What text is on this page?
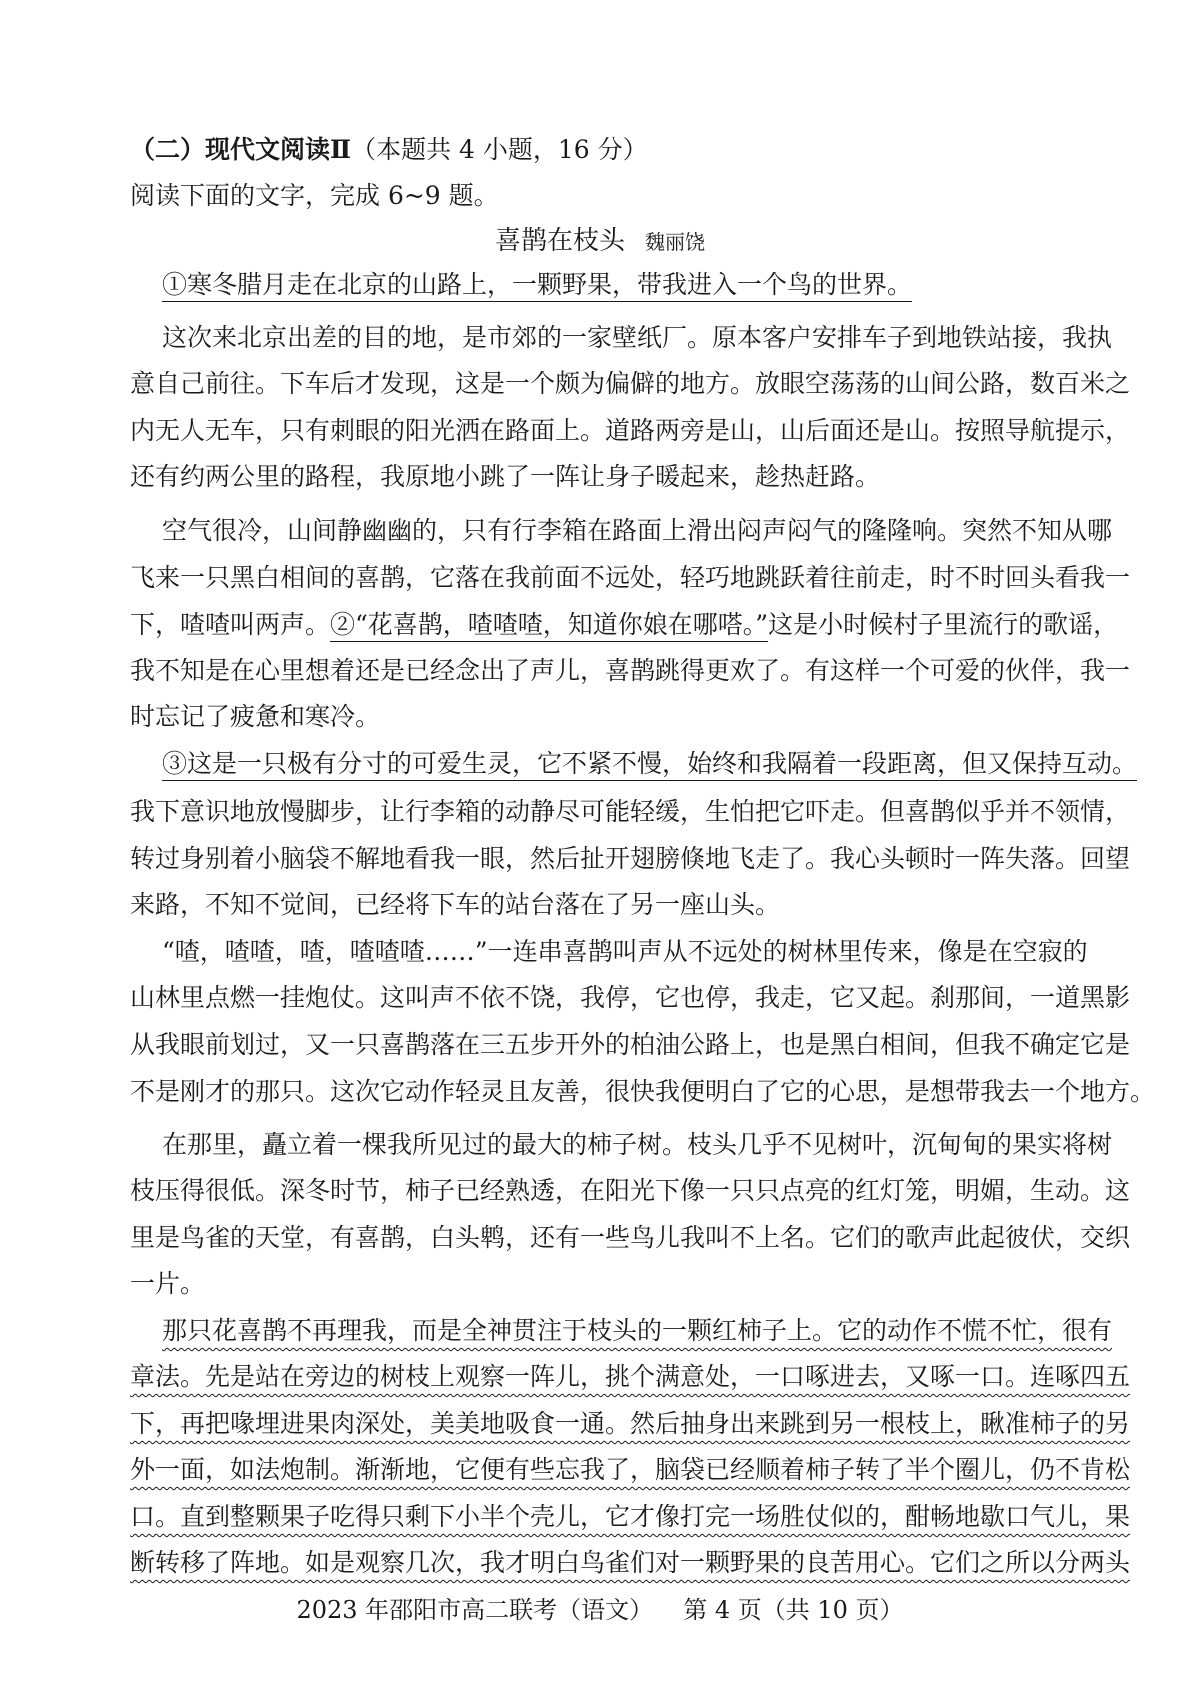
（二）现代文阅读Ⅱ（本题共 4 小题，16 分）
阅读下面的文字，完成 6~9 题。
喜鹊在枝头 魏丽饶
①寒冬腊月走在北京的山路上，一颗野果，带我进入一个鸟的世界。
这次来北京出差的目的地，是市郊的一家壁纸厂。原本客户安排车子到地铁站接，我执
意自己前往。下车后才发现，这是一个颇为偏僻的地方。放眼空荡荡的山间公路，数百米之
内无人无车，只有刺眼的阳光洒在路面上。道路两旁是山，山后面还是山。按照导航提示，
还有约两公里的路程，我原地小跳了一阵让身子暖起来，趁热赶路。
空气很冷，山间静幽幽的，只有行李箱在路面上滑出闷声闷气的隆隆响。突然不知从哪
飞来一只黑白相间的喜鹊，它落在我前面不远处，轻巧地跳跃着往前走，时不时回头看我一
下，喳喳叫两声。②“花喜鹊，喳喳喳，知道你娘在哪嗒。”这是小时候村子里流行的歌谣，
我不知是在心里想着还是已经念出了声儿，喜鹊跳得更欢了。有这样一个可爱的伙伴，我一
时忘记了疲惫和寒冷。
③这是一只极有分寸的可爱生灵，它不紧不慢，始终和我隔着一段距离，但又保持互动。
我下意识地放慢脚步，让行李箱的动静尽可能轻缓，生怕把它吓走。但喜鹊似乎并不领情，
转过身别着小脑袋不解地看我一眼，然后扯开翅膀倏地飞走了。我心头顿时一阵失落。回望
来路，不知不觉间，已经将下车的站台落在了另一座山头。
“喳，喳喳，喳，喳喳喳……”一连串喜鹊叫声从不远处的树林里传来，像是在空寂的
山林里点燃一挂炮仗。这叫声不依不饶，我停，它也停，我走，它又起。刹那间，一道黑影
从我眼前划过，又一只喜鹊落在三五步开外的柏油公路上，也是黑白相间，但我不确定它是
不是刚才的那只。这次它动作轻灵且友善，很快我便明白了它的心思，是想带我去一个地方。
在那里，矗立着一棵我所见过的最大的柿子树。枝头几乎不见树叶，沉甸甸的果实将树
枝压得很低。深冬时节，柿子已经熟透，在阳光下像一只只点亮的红灯笼，明媚，生动。这
里是鸟雀的天堂，有喜鹊，白头鹎，还有一些鸟儿我叫不上名。它们的歌声此起彼伏，交织
一片。
那只花喜鹊不再理我，而是全神贯注于枝头的一颗红柿子上。它的动作不慌不忙，很有
章法。先是站在旁边的树枝上观察一阵儿，挑个满意处，一口啄进去，又啄一口。连啄四五
下，再把喙埋进果肉深处，美美地吸食一通。然后抽身出来跳到另一根枝上，瞅准柿子的另
外一面，如法炮制。渐渐地，它便有些忘我了，脑袋已经顺着柿子转了半个圈儿，仍不肯松
口。直到整颗果子吃得只剩下小半个壳儿，它才像打完一场胜仗似的，酣畅地歇口气儿，果
断转移了阵地。如是观察几次，我才明白鸟雀们对一颗野果的良苦用心。它们之所以分两头
2023 年邵阳市高二联考（语文） 第 4 页（共 10 页）
